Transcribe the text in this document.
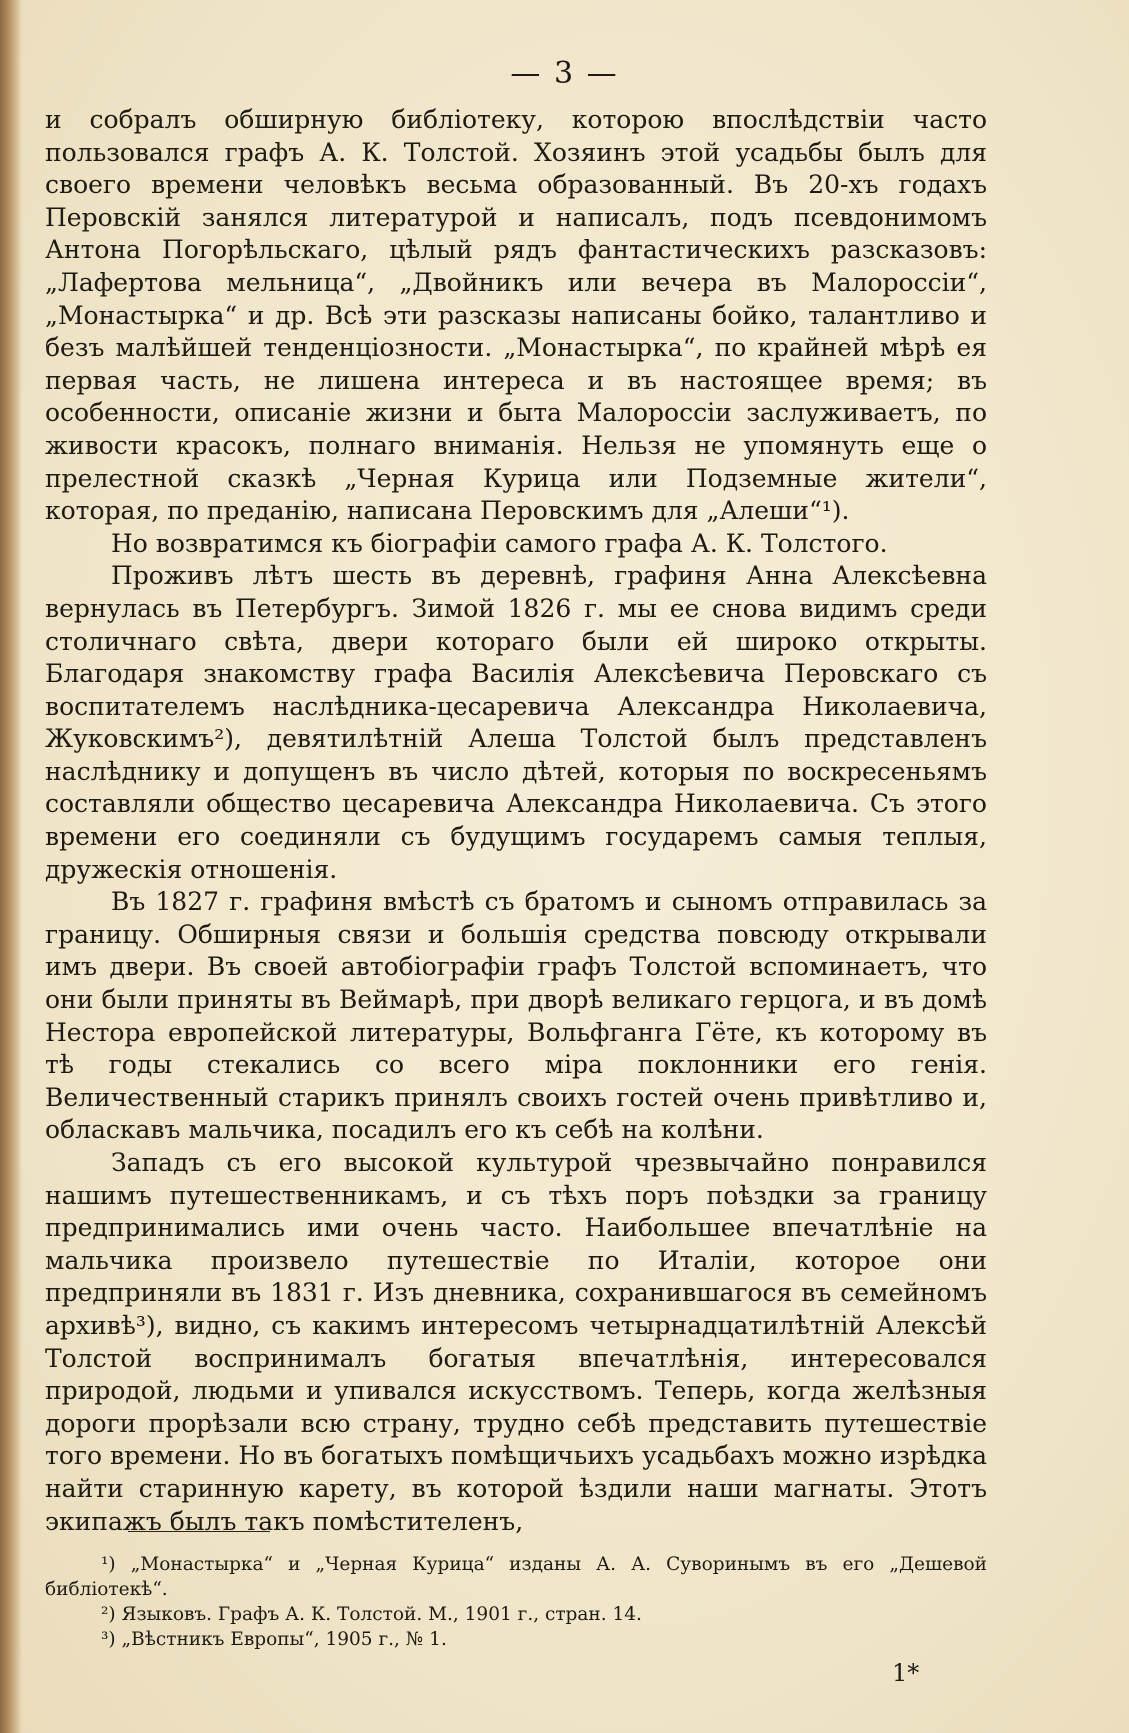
— 3 —

и собралъ обширную библіотеку, которою впослѣдствіи часто пользовался графъ А. К. Толстой. Хозяинъ этой усадьбы былъ для своего времени человѣкъ весьма образованный. Въ 20-хъ годахъ Перовскій занялся литературой и написалъ, подъ псевдонимомъ Антона Погорѣльскаго, цѣлый рядъ фантастическихъ разсказовъ: „Лафертова мельница“, „Двойникъ или вечера въ Малороссіи“, „Монастырка“ и др. Всѣ эти разсказы написаны бойко, талантливо и безъ малѣйшей тенденціозности. „Монастырка“, по крайней мѣрѣ ея первая часть, не лишена интереса и въ настоящее время; въ особенности, описаніе жизни и быта Малороссіи заслуживаетъ, по живости красокъ, полнаго вниманія. Нельзя не упомянуть еще о прелестной сказкѣ „Черная Курица или Подземные жители“, которая, по преданію, написана Перовскимъ для „Алеши“¹).

Но возвратимся къ біографіи самого графа А. К. Толстого.

Проживъ лѣтъ шесть въ деревнѣ, графиня Анна Алексѣевна вернулась въ Петербургъ. Зимой 1826 г. мы ее снова видимъ среди столичнаго свѣта, двери котораго были ей широко открыты. Благодаря знакомству графа Василія Алексѣевича Перовскаго съ воспитателемъ наслѣдника-цесаревича Александра Николаевича, Жуковскимъ²), девятилѣтній Алеша Толстой былъ представленъ наслѣднику и допущенъ въ число дѣтей, которыя по воскресеньямъ составляли общество цесаревича Александра Николаевича. Съ этого времени его соединяли съ будущимъ государемъ самыя теплыя, дружескія отношенія.

Въ 1827 г. графиня вмѣстѣ съ братомъ и сыномъ отправилась за границу. Обширныя связи и большія средства повсюду открывали имъ двери. Въ своей автобіографіи графъ Толстой вспоминаетъ, что они были приняты въ Веймарѣ, при дворѣ великаго герцога, и въ домѣ Нестора европейской литературы, Вольфганга Гёте, къ которому въ тѣ годы стекались со всего міра поклонники его генія. Величественный старикъ принялъ своихъ гостей очень привѣтливо и, обласкавъ мальчика, посадилъ его къ себѣ на колѣни.

Западъ съ его высокой культурой чрезвычайно понравился нашимъ путешественникамъ, и съ тѣхъ поръ поѣздки за границу предпринимались ими очень часто. Наибольшее впечатлѣніе на мальчика произвело путешествіе по Италіи, которое они предприняли въ 1831 г. Изъ дневника, сохранившагося въ семейномъ архивѣ³), видно, съ какимъ интересомъ четырнадцатилѣтній Алексѣй Толстой воспринималъ богатыя впечатлѣнія, интересовался природой, людьми и упивался искусствомъ. Теперь, когда желѣзныя дороги прорѣзали всю страну, трудно себѣ представить путешествіе того времени. Но въ богатыхъ помѣщичьихъ усадьбахъ можно изрѣдка найти старинную карету, въ которой ѣздили наши магнаты. Этотъ экипажъ былъ такъ помѣстителенъ,

¹) „Монастырка“ и „Черная Курица“ изданы А. А. Суворинымъ въ его „Дешевой библіотекѣ“.

²) Языковъ. Графъ А. К. Толстой. М., 1901 г., стран. 14.

³) „Вѣстникъ Европы“, 1905 г., № 1.

1*
